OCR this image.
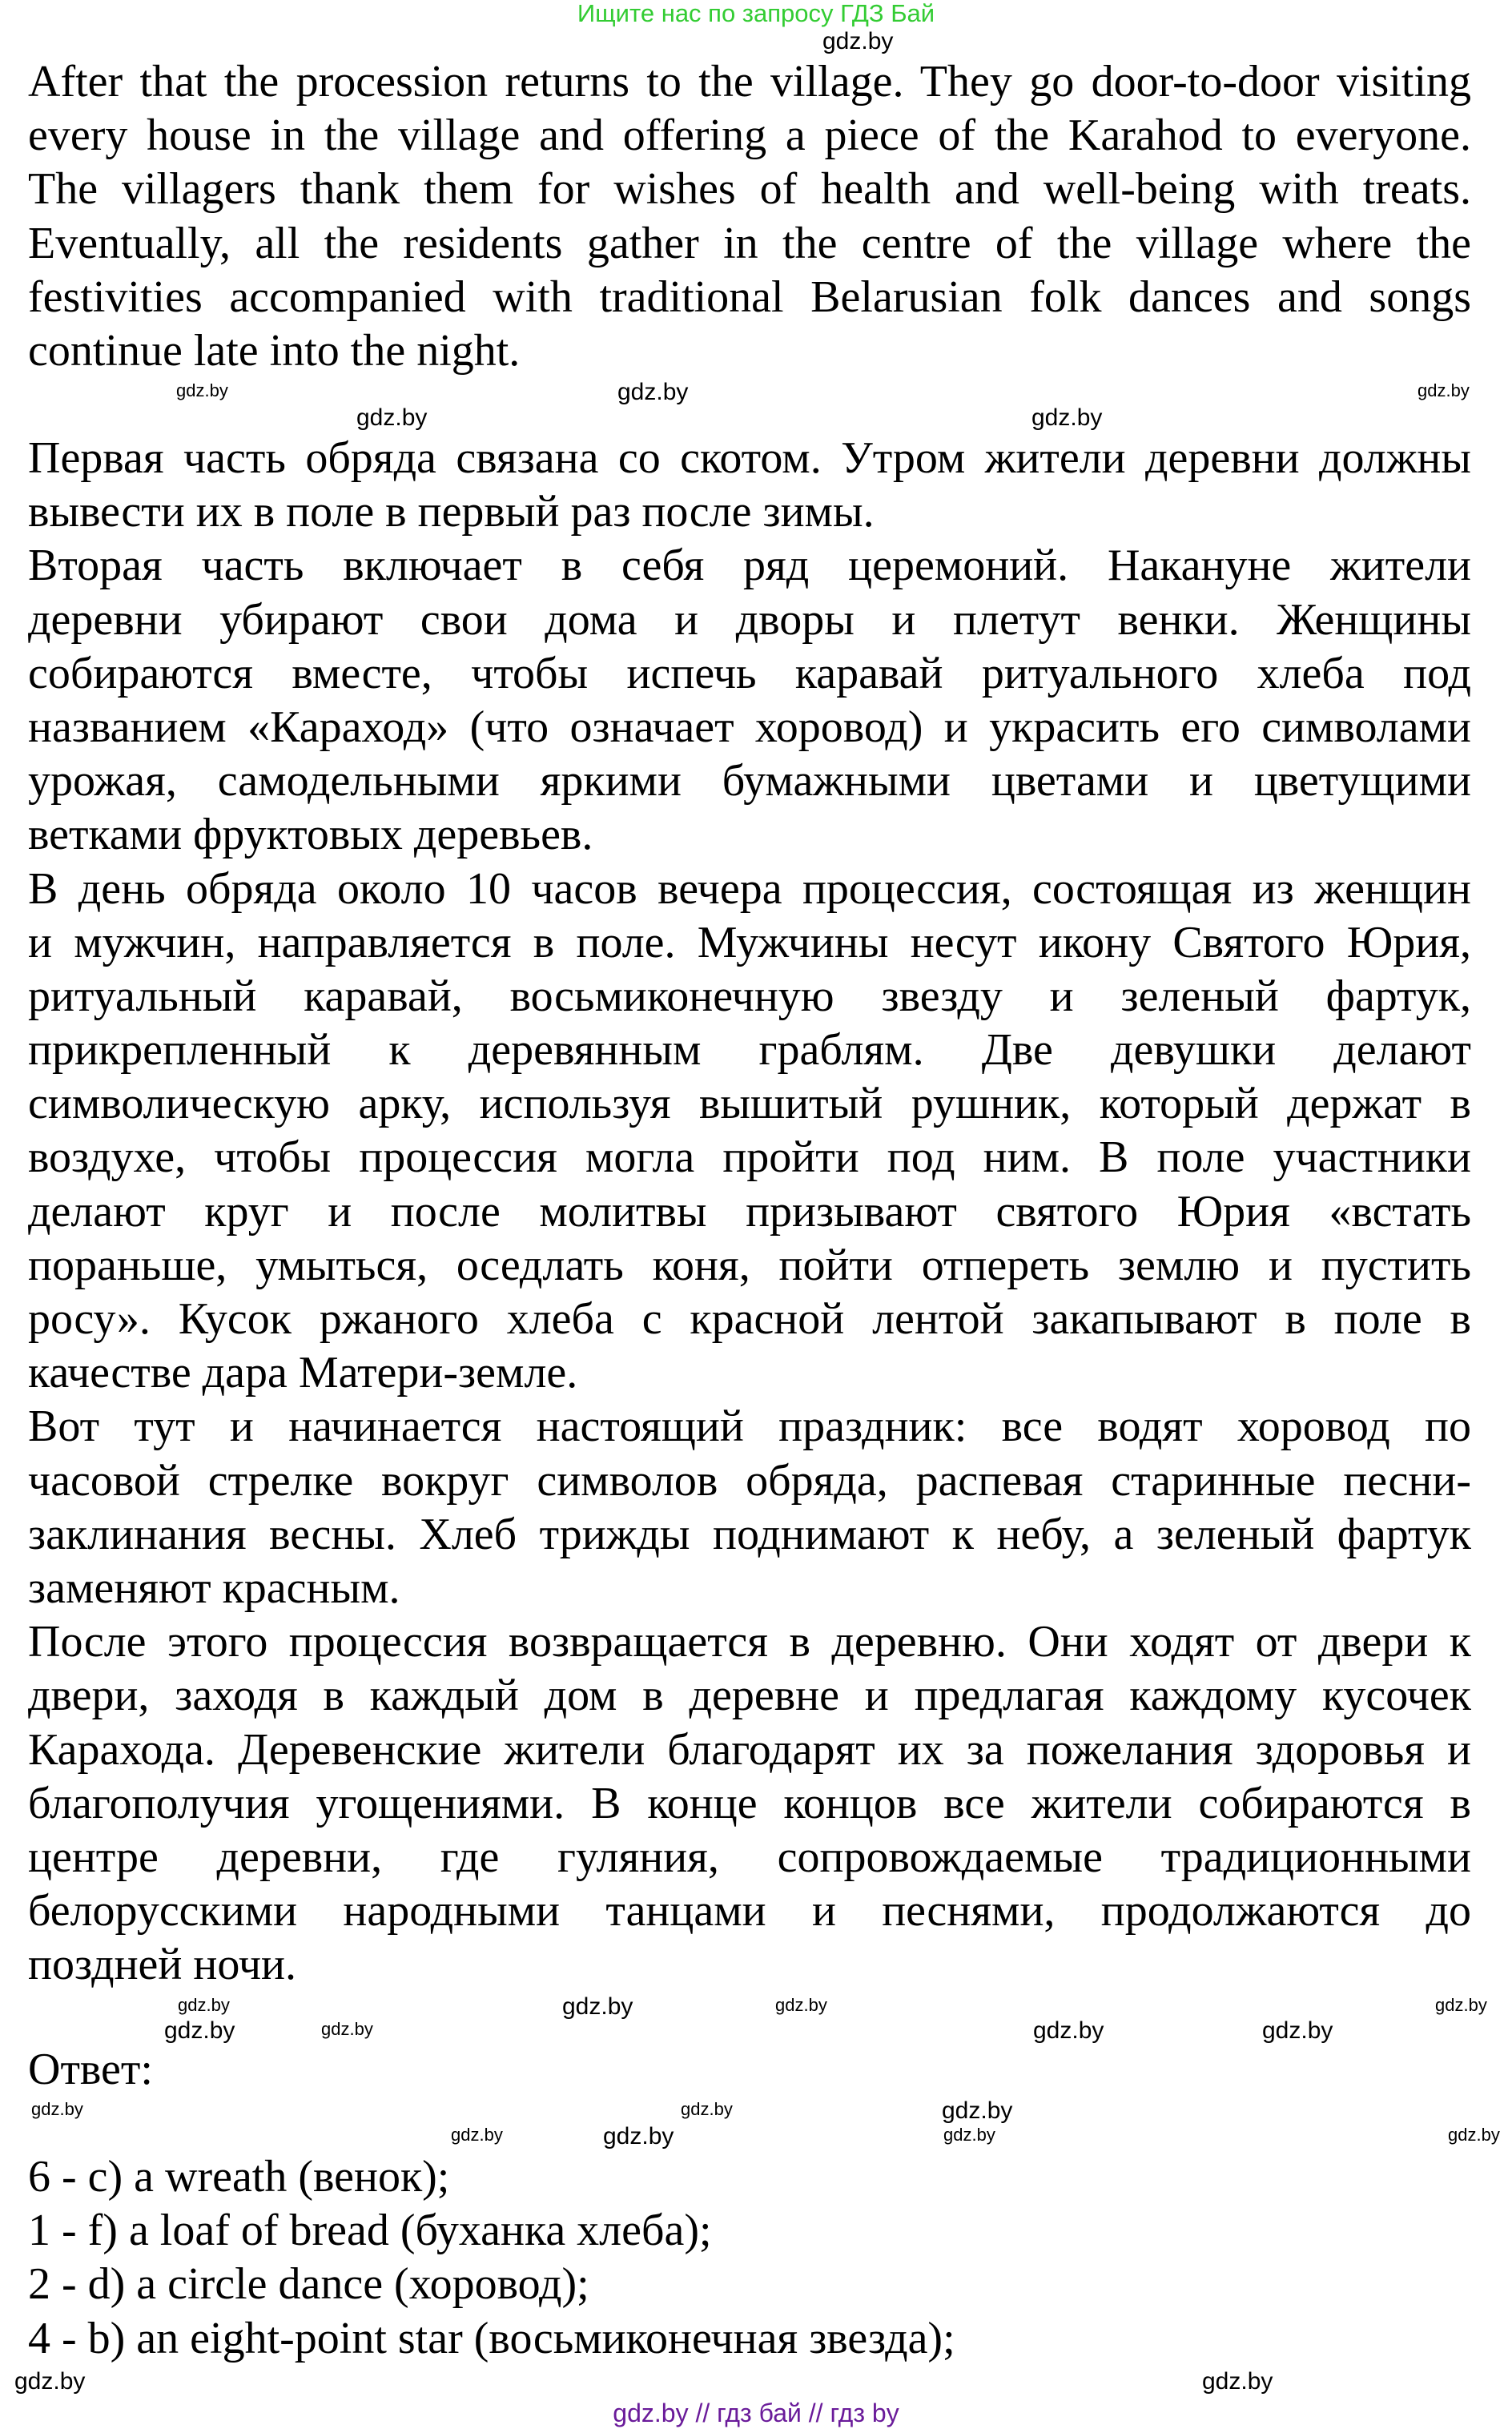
Ищите нас по запросу ГДЗ Бай
After that the procession returns to the village. They go door-to-door visiting
every house in the village and offering a piece of the Karahod to everyone.
The villagers thank them for wishes of health and well-being with treats.
Eventually, all the residents gather in the centre of the village where the
festivities accompanied with traditional Belarusian folk dances and songs
continue late into the night.
Первая часть обряда связана со скотом. Утром жители деревни должны
вывести их в поле в первый раз после зимы.
Вторая часть включает в себя ряд церемоний. Накануне жители
деревни убирают свои дома и дворы и плетут венки. Женщины
собираются вместе, чтобы испечь каравай ритуального хлеба под
названием «Караход» (что означает хоровод) и украсить его символами
урожая, самодельными яркими бумажными цветами и цветущими
ветками фруктовых деревьев.
В день обряда около 10 часов вечера процессия, состоящая из женщин
и мужчин, направляется в поле. Мужчины несут икону Святого Юрия,
ритуальный каравай, восьмиконечную звезду и зеленый фартук,
прикрепленный к деревянным граблям. Две девушки делают
символическую арку, используя вышитый рушник, который держат в
воздухе, чтобы процессия могла пройти под ним. В поле участники
делают круг и после молитвы призывают святого Юрия «встать
пораньше, умыться, оседлать коня, пойти отпереть землю и пустить
росу». Кусок ржаного хлеба с красной лентой закапывают в поле в
качестве дара Матери-земле.
Вот тут и начинается настоящий праздник: все водят хоровод по
часовой стрелке вокруг символов обряда, распевая старинные песни-
заклинания весны. Хлеб трижды поднимают к небу, а зеленый фартук
заменяют красным.
После этого процессия возвращается в деревню. Они ходят от двери к
двери, заходя в каждый дом в деревне и предлагая каждому кусочек
Карахода. Деревенские жители благодарят их за пожелания здоровья и
благополучия угощениями. В конце концов все жители собираются в
центре деревни, где гуляния, сопровождаемые традиционными
белорусскими народными танцами и песнями, продолжаются до
поздней ночи.
Ответ:
6 - c) a wreath (венок);
1 - f) a loaf of bread (буханка хлеба);
2 - d) a circle dance (хоровод);
4 - b) an eight-point star (восьмиконечная звезда);
gdz.by
gdz.by	gdz.by	gdz.by
gdz.by	gdz.by
gdz.by	gdz.by	gdz.by	gdz.by
gdz.by	gdz.by	gdz.by	gdz.by
gdz.by	gdz.by	gdz.by
gdz.by	gdz.by	gdz.by	gdz.by
gdz.by	gdz.by
gdz.by // гдз бай // гдз by
